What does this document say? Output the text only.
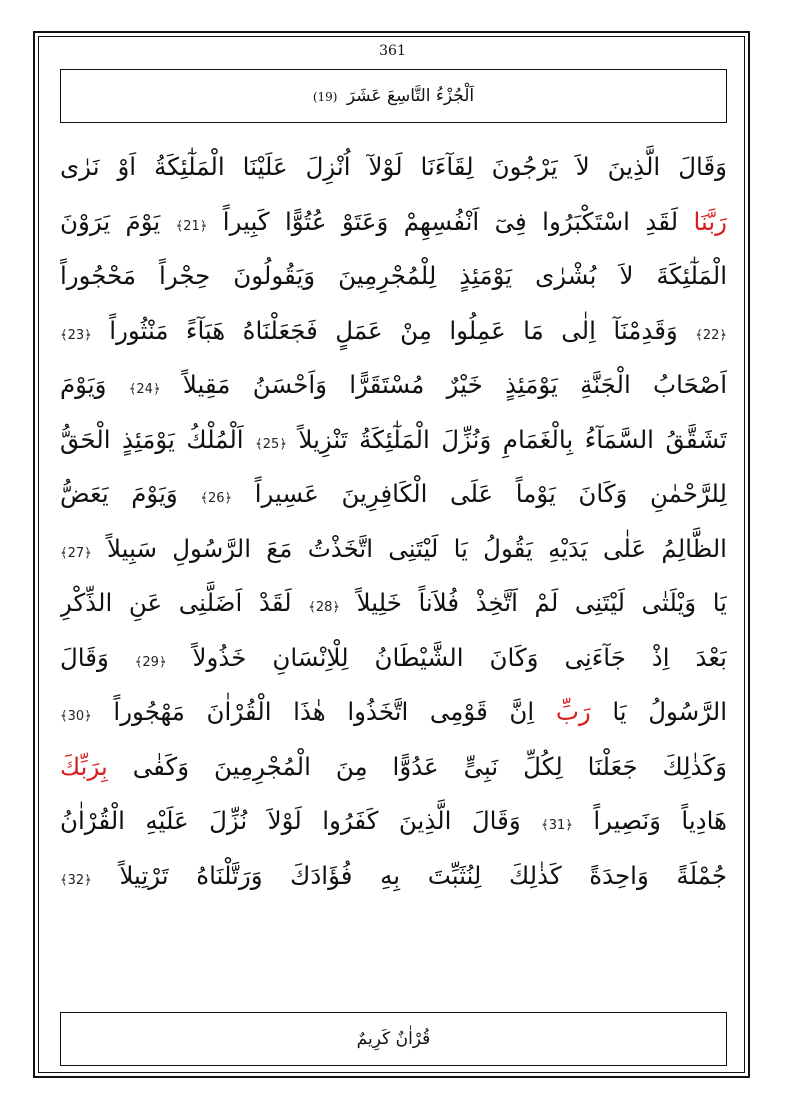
361
اَلْجُزْءُ التَّاسِعَ عَشَرَ (19)
وَقَالَ الَّذِينَ لاَ يَرْجُونَ لِقَآءَنَا لَوْلآ اُنْزِلَ عَلَيْنَا الْمَلٰٓئِكَةُ اَوْ نَرٰى
رَبَّنَا لَقَدِ اسْتَكْبَرُوا فِىٓ اَنْفُسِهِمْ وَعَتَوْ عُتُوًّا كَبِيراً ﴿21﴾ يَوْمَ يَرَوْنَ
الْمَلٰٓئِكَةَ لاَ بُشْرٰى يَوْمَئِذٍ لِلْمُجْرِمِينَ وَيَقُولُونَ حِجْراً مَحْجُوراً
﴿22﴾ وَقَدِمْنَآ اِلٰى مَا عَمِلُوا مِنْ عَمَلٍ فَجَعَلْنَاهُ هَبَآءً مَنْثُوراً ﴿23﴾
اَصْحَابُ الْجَنَّةِ يَوْمَئِذٍ خَيْرٌ مُسْتَقَرًّا وَاَحْسَنُ مَقِيلاً ﴿24﴾ وَيَوْمَ
تَشَقَّقُ السَّمَآءُ بِالْغَمَامِ وَنُزِّلَ الْمَلٰٓئِكَةُ تَنْزِيلاً ﴿25﴾ اَلْمُلْكُ يَوْمَئِذٍ الْحَقُّ
لِلرَّحْمٰنِ وَكَانَ يَوْماً عَلَى الْكَافِرِينَ عَسِيراً ﴿26﴾ وَيَوْمَ يَعَضُّ
الظَّالِمُ عَلٰى يَدَيْهِ يَقُولُ يَا لَيْتَنِى اتَّخَذْتُ مَعَ الرَّسُولِ سَبِيلاً ﴿27﴾
يَا وَيْلَتٰى لَيْتَنِى لَمْ اَتَّخِذْ فُلاَناً خَلِيلاً ﴿28﴾ لَقَدْ اَضَلَّنِى عَنِ الذِّكْرِ
بَعْدَ اِذْ جَآءَنِى وَكَانَ الشَّيْطَانُ لِلْاِنْسَانِ خَذُولاً ﴿29﴾ وَقَالَ
الرَّسُولُ يَا رَبِّ اِنَّ قَوْمِى اتَّخَذُوا هٰذَا الْقُرْاٰنَ مَهْجُوراً ﴿30﴾
وَكَذٰلِكَ جَعَلْنَا لِكُلِّ نَبِىٍّ عَدُوًّا مِنَ الْمُجْرِمِينَ وَكَفٰى بِرَبِّكَ
هَادِياً وَنَصِيراً ﴿31﴾ وَقَالَ الَّذِينَ كَفَرُوا لَوْلاَ نُزِّلَ عَلَيْهِ الْقُرْاٰنُ
جُمْلَةً وَاحِدَةً كَذٰلِكَ لِنُثَبِّتَ بِهِ فُؤَادَكَ وَرَتَّلْنَاهُ تَرْتِيلاً ﴿32﴾
قُرْاٰنٌ كَرِيمٌ
